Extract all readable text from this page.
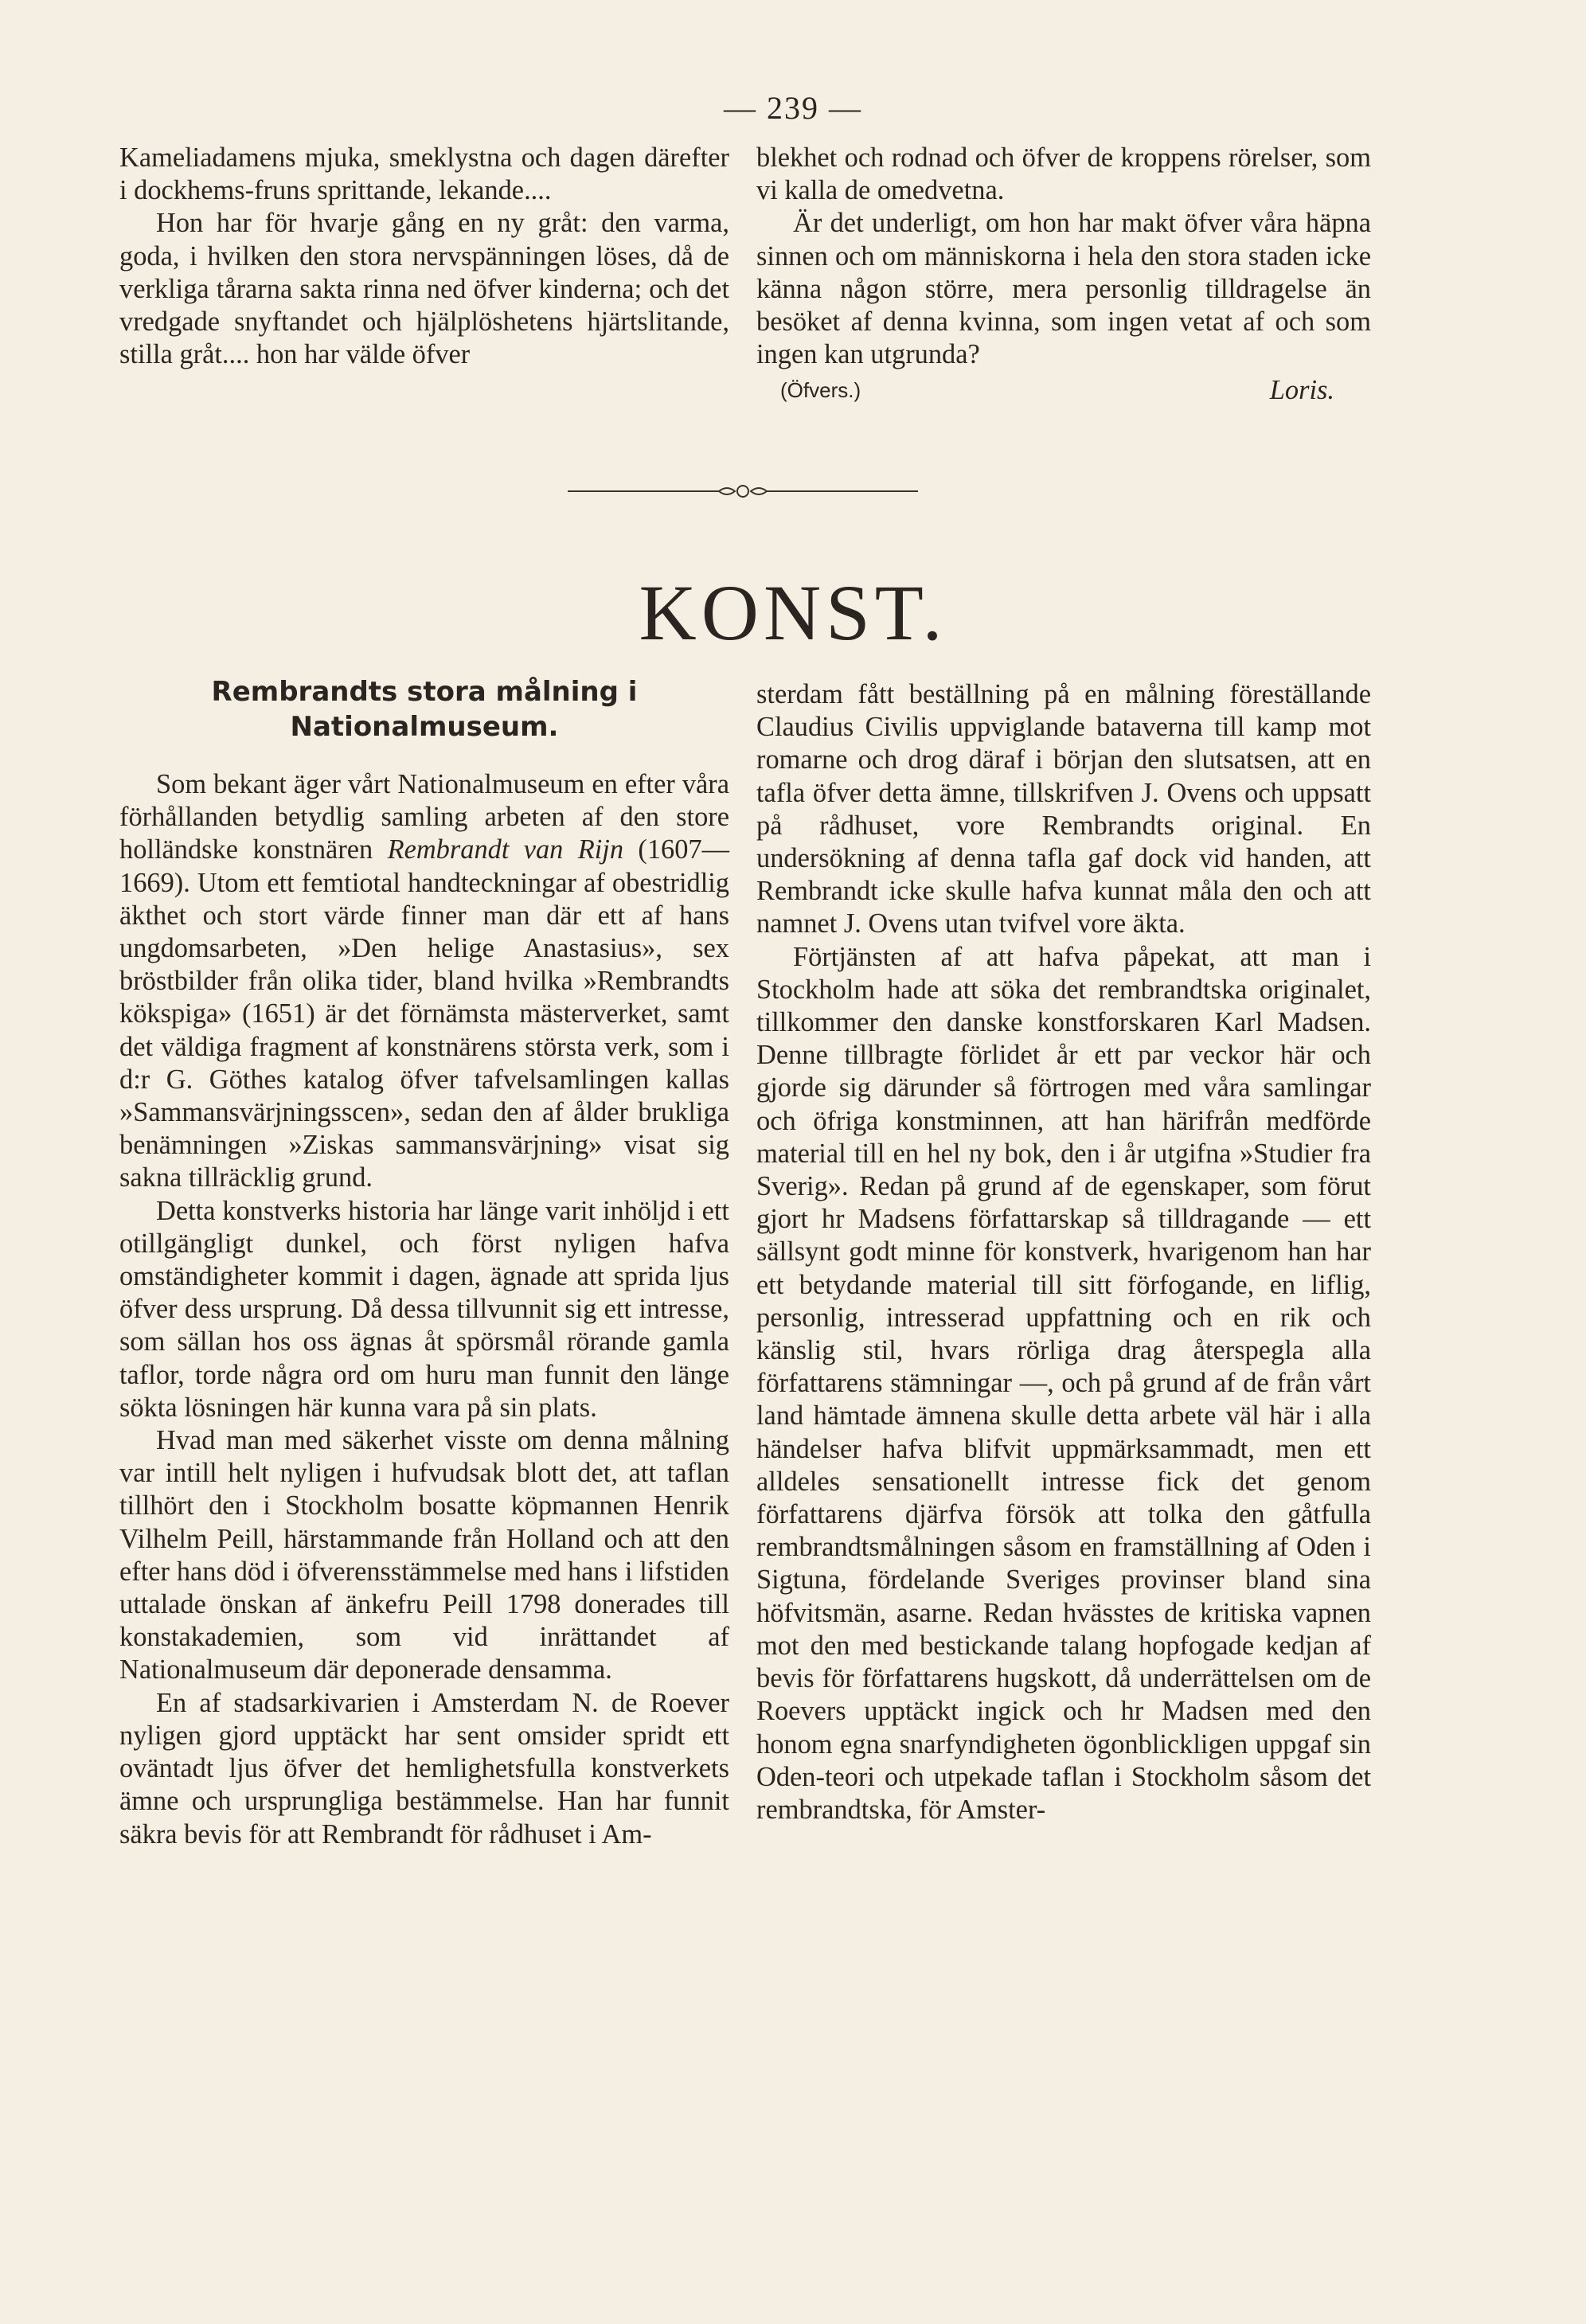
— 239 —

Kameliadamens mjuka, smeklystna och dagen därefter i dockhems-fruns sprittande, lekande....

Hon har för hvarje gång en ny gråt: den varma, goda, i hvilken den stora nervspänningen löses, då de verkliga tårarna sakta rinna ned öfver kinderna; och det vredgade snyftandet och hjälplöshetens hjärtslitande, stilla gråt.... hon har välde öfver

blekhet och rodnad och öfver de kroppens rörelser, som vi kalla de omedvetna.

Är det underligt, om hon har makt öfver våra häpna sinnen och om människorna i hela den stora staden icke känna någon större, mera personlig tilldragelse än besöket af denna kvinna, som ingen vetat af och som ingen kan utgrunda?

(Öfvers.)	Loris.
KONST.
Rembrandts stora målning i Nationalmuseum.

Som bekant äger vårt Nationalmuseum en efter våra förhållanden betydlig samling arbeten af den store holländske konstnären Rembrandt van Rijn (1607—1669). Utom ett femtiotal handteckningar af obestridlig äkthet och stort värde finner man där ett af hans ungdomsarbeten, »Den helige Anastasius», sex bröstbilder från olika tider, bland hvilka »Rembrandts kökspiga» (1651) är det förnämsta mästerverket, samt det väldiga fragment af konstnärens största verk, som i d:r G. Göthes katalog öfver tafvelsamlingen kallas »Sammansvärjningsscen», sedan den af ålder brukliga benämningen »Ziskas sammansvärjning» visat sig sakna tillräcklig grund.

Detta konstverks historia har länge varit inhöljd i ett otillgängligt dunkel, och först nyligen hafva omständigheter kommit i dagen, ägnade att sprida ljus öfver dess ursprung. Då dessa tillvunnit sig ett intresse, som sällan hos oss ägnas åt spörsmål rörande gamla taflor, torde några ord om huru man funnit den länge sökta lösningen här kunna vara på sin plats.

Hvad man med säkerhet visste om denna målning var intill helt nyligen i hufvudsak blott det, att taflan tillhört den i Stockholm bosatte köpmannen Henrik Vilhelm Peill, härstammande från Holland och att den efter hans död i öfverensstämmelse med hans i lifstiden uttalade önskan af änkefru Peill 1798 donerades till konstakademien, som vid inrättandet af Nationalmuseum där deponerade densamma.

En af stadsarkivarien i Amsterdam N. de Roever nyligen gjord upptäckt har sent omsider spridt ett oväntadt ljus öfver det hemlighetsfulla konstverkets ämne och ursprungliga bestämmelse. Han har funnit säkra bevis för att Rembrandt för rådhuset i Am-

sterdam fått beställning på en målning föreställande Claudius Civilis uppviglande bataverna till kamp mot romarne och drog däraf i början den slutsatsen, att en tafla öfver detta ämne, tillskrifven J. Ovens och uppsatt på rådhuset, vore Rembrandts original. En undersökning af denna tafla gaf dock vid handen, att Rembrandt icke skulle hafva kunnat måla den och att namnet J. Ovens utan tvifvel vore äkta.

Förtjänsten af att hafva påpekat, att man i Stockholm hade att söka det rembrandtska originalet, tillkommer den danske konstforskaren Karl Madsen. Denne tillbragte förlidet år ett par veckor här och gjorde sig därunder så förtrogen med våra samlingar och öfriga konstminnen, att han härifrån medförde material till en hel ny bok, den i år utgifna »Studier fra Sverig». Redan på grund af de egenskaper, som förut gjort hr Madsens författarskap så tilldragande — ett sällsynt godt minne för konstverk, hvarigenom han har ett betydande material till sitt förfogande, en liflig, personlig, intresserad uppfattning och en rik och känslig stil, hvars rörliga drag återspegla alla författarens stämningar —, och på grund af de från vårt land hämtade ämnena skulle detta arbete väl här i alla händelser hafva blifvit uppmärksammadt, men ett alldeles sensationellt intresse fick det genom författarens djärfva försök att tolka den gåtfulla rembrandtsmålningen såsom en framställning af Oden i Sigtuna, fördelande Sveriges provinser bland sina höfvitsmän, asarne. Redan hvässtes de kritiska vapnen mot den med bestickande talang hopfogade kedjan af bevis för författarens hugskott, då underrättelsen om de Roevers upptäckt ingick och hr Madsen med den honom egna snarfyndigheten ögonblickligen uppgaf sin Oden-teori och utpekade taflan i Stockholm såsom det rembrandtska, för Amster-
